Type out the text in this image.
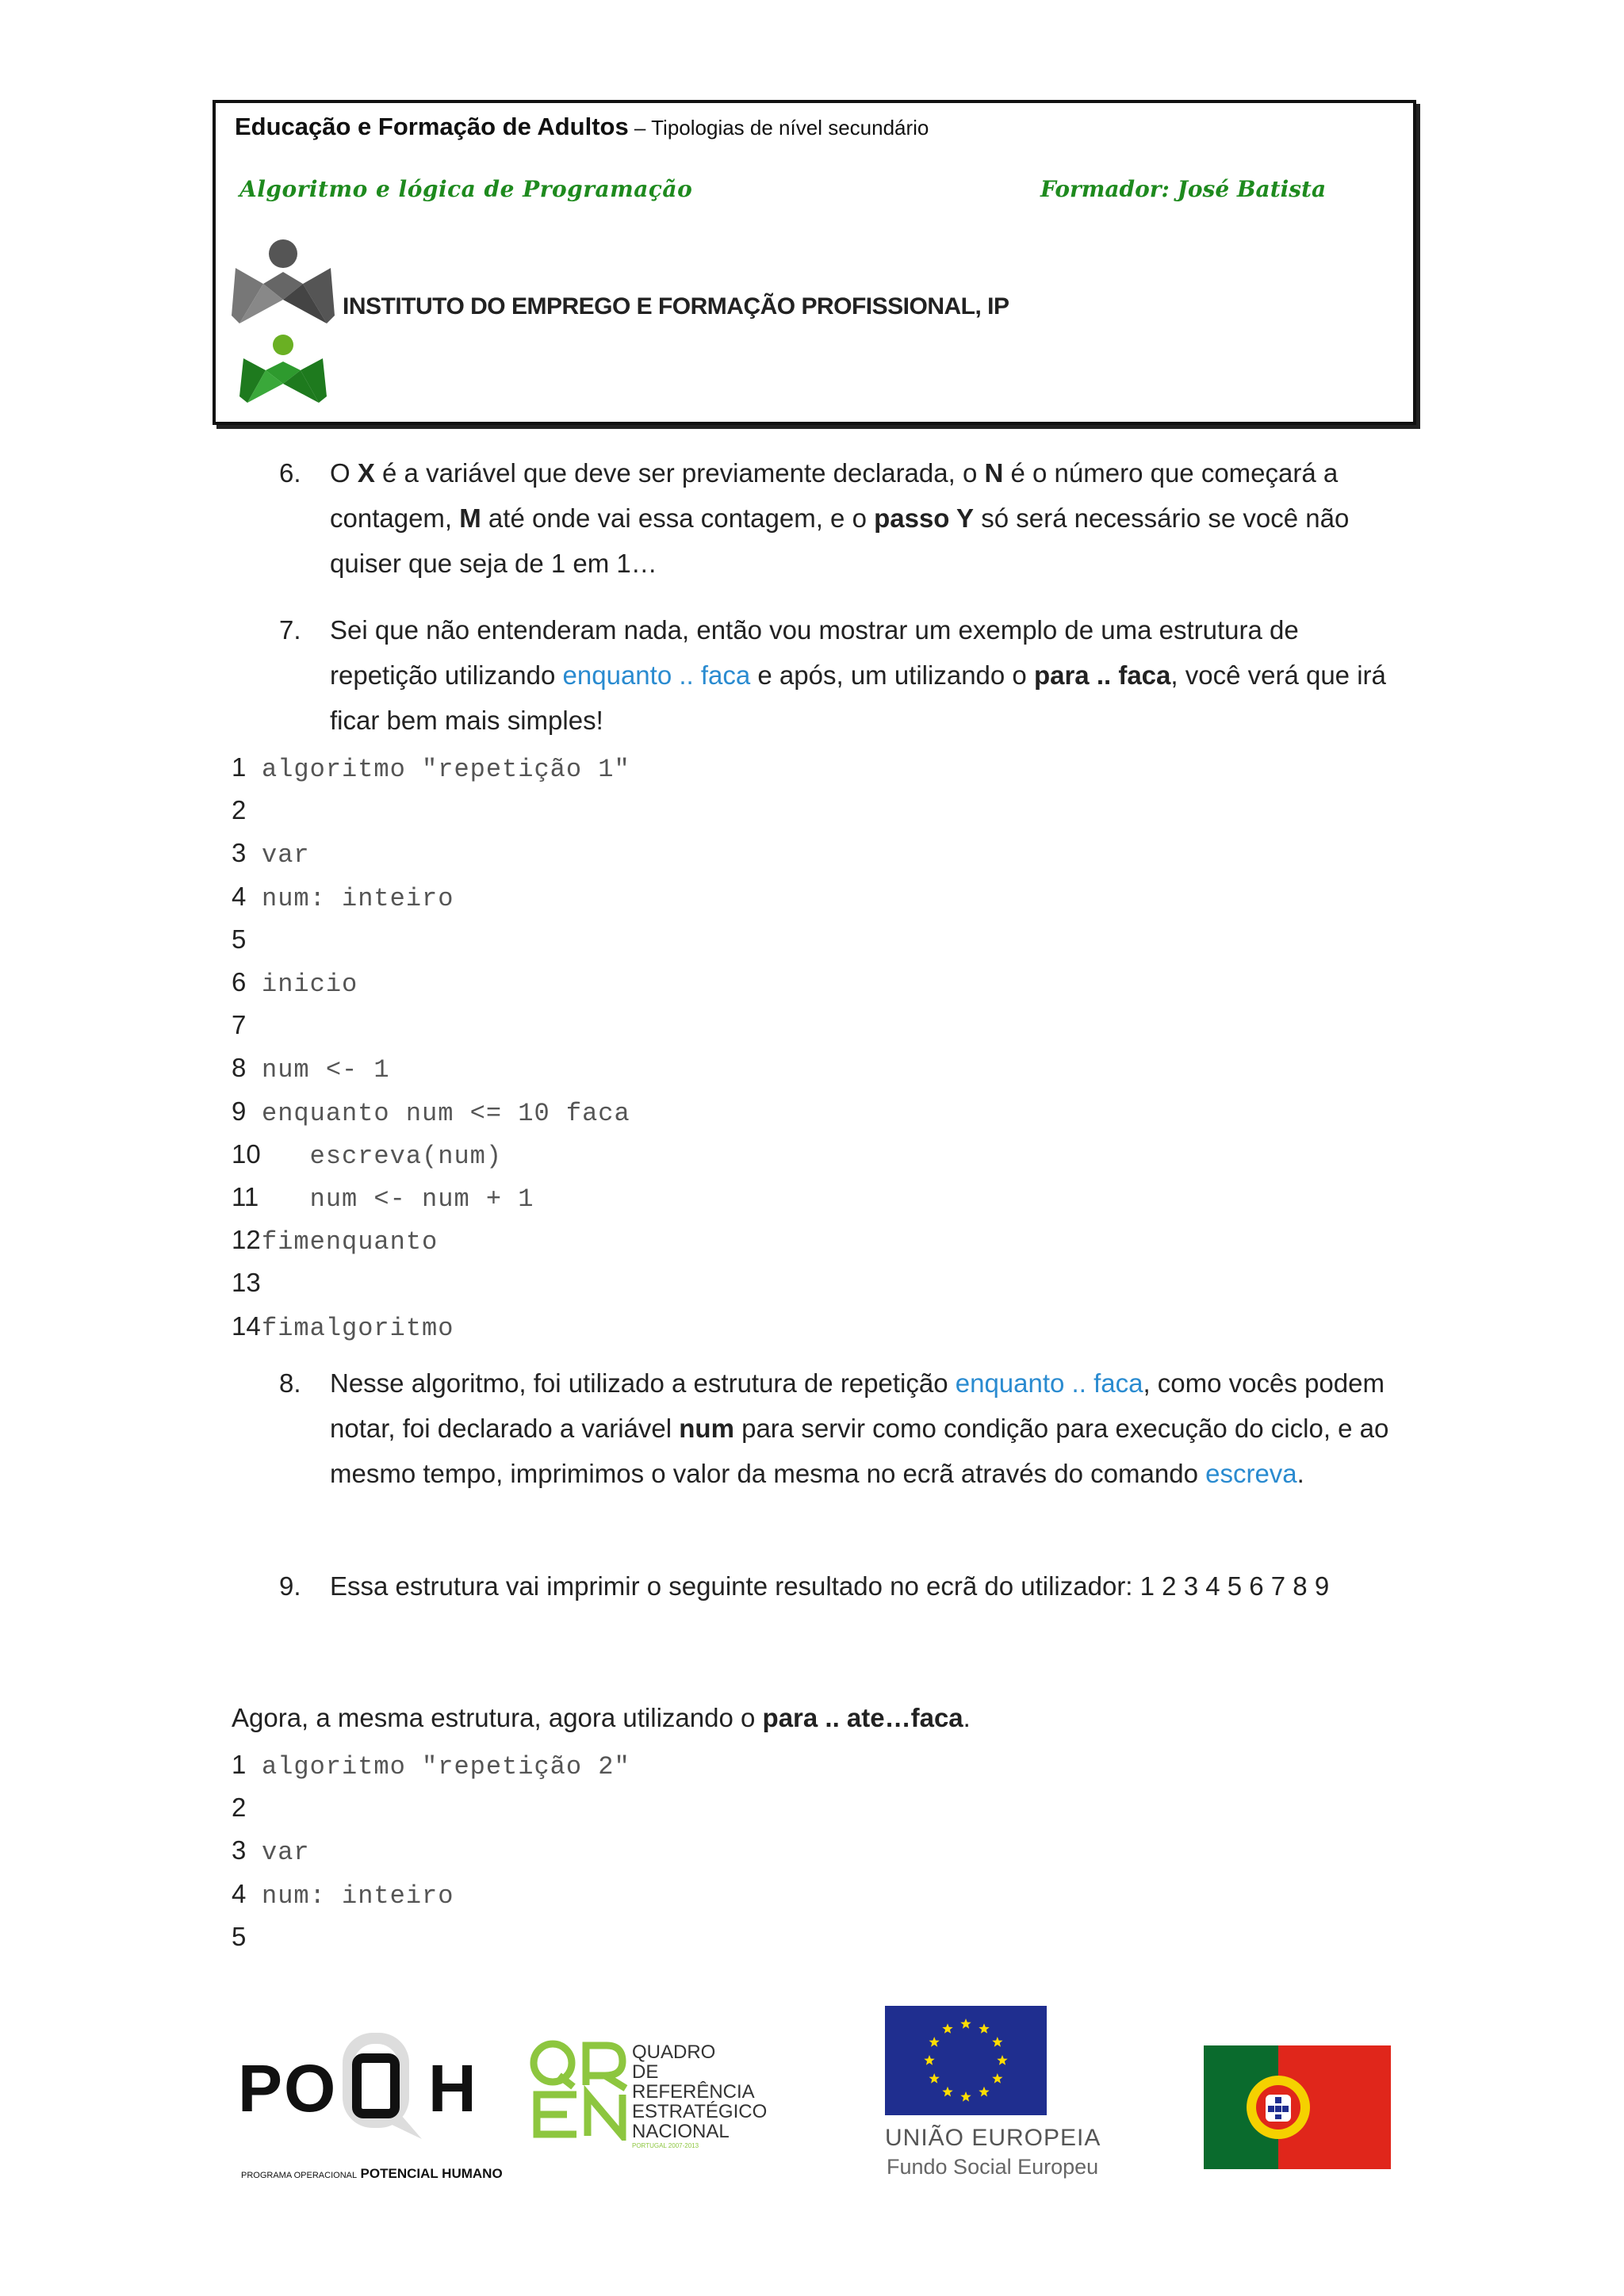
Educação e Formação de Adultos – Tipologias de nível secundário
Algoritmo e lógica de Programação	Formador: José Batista
INSTITUTO DO EMPREGO E FORMAÇÃO PROFISSIONAL, IP
6. O X é a variável que deve ser previamente declarada, o N é o número que começará a contagem, M até onde vai essa contagem, e o passo Y só será necessário se você não quiser que seja de 1 em 1…
7. Sei que não entenderam nada, então vou mostrar um exemplo de uma estrutura de repetição utilizando enquanto .. faca e após, um utilizando o para .. faca, você verá que irá ficar bem mais simples!
1 algoritmo "repetição 1"
2
3 var
4 num: inteiro
5
6 inicio
7
8 num <- 1
9 enquanto num <= 10 faca
10   escreva(num)
11   num <- num + 1
12fimenquanto
13
14fimalgoritmo
8. Nesse algoritmo, foi utilizado a estrutura de repetição enquanto .. faca, como vocês podem notar, foi declarado a variável num para servir como condição para execução do ciclo, e ao mesmo tempo, imprimimos o valor da mesma no ecrã através do comando escreva.
9. Essa estrutura vai imprimir o seguinte resultado no ecrã do utilizador: 1 2 3 4 5 6 7 8 9
Agora, a mesma estrutura, agora utilizando o para .. ate…faca.
1 algoritmo "repetição 2"
2
3 var
4 num: inteiro
5
PO H
PROGRAMA OPERACIONAL POTENCIAL HUMANO
QUADRO
DE REFERÊNCIA
ESTRATÉGICO
NACIONAL
PORTUGAL 2007-2013	UNIÃO EUROPEIA
Fundo Social Europeu
